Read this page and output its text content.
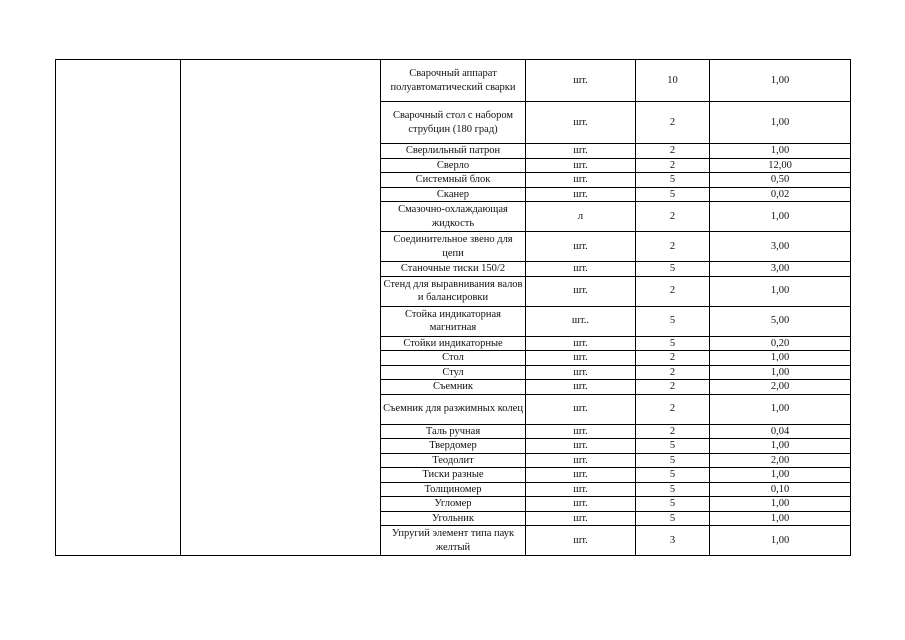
		Сварочный аппарат полуавтоматический сварки	шт.	10	1,00
		Сварочный стол с набором струбцин (180 град)	шт.	2	1,00
		Сверлильный патрон	шт.	2	1,00
		Сверло	шт.	2	12,00
		Системный блок	шт.	5	0,50
		Сканер	шт.	5	0,02
		Смазочно-охлаждающая жидкость	л	2	1,00
		Соединительное звено для цепи	шт.	2	3,00
		Станочные тиски 150/2	шт.	5	3,00
		Стенд для выравнивания валов и балансировки	шт.	2	1,00
		Стойка индикаторная магнитная	шт..	5	5,00
		Стойки индикаторные	шт.	5	0,20
		Стол	шт.	2	1,00
		Стул	шт.	2	1,00
		Съемник	шт.	2	2,00
		Съемник для разжимных колец	шт.	2	1,00
		Таль ручная	шт.	2	0,04
		Твердомер	шт.	5	1,00
		Теодолит	шт.	5	2,00
		Тиски разные	шт.	5	1,00
		Толщиномер	шт.	5	0,10
		Угломер	шт.	5	1,00
		Угольник	шт.	5	1,00
		Упругий элемент типа паук желтый	шт.	3	1,00
